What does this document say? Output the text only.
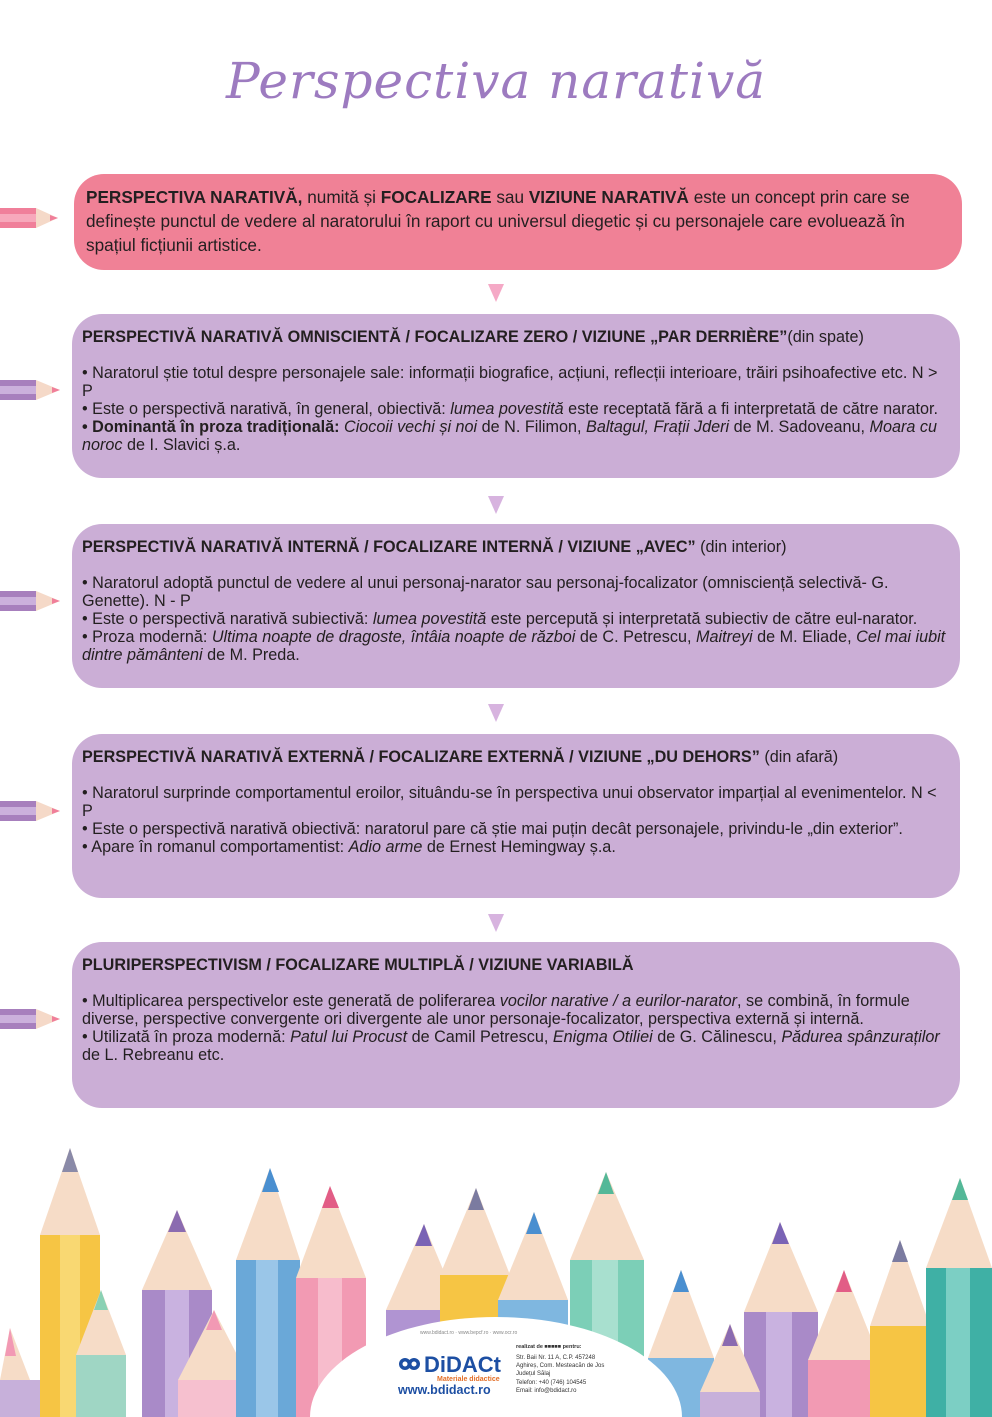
Perspectiva narativă

PERSPECTIVA NARATIVĂ, numită și FOCALIZARE sau VIZIUNE NARATIVĂ este un concept prin care se definește punctul de vedere al naratorului în raport cu universul diegetic și cu personajele care evoluează în spațiul ficțiunii artistice.

PERSPECTIVĂ NARATIVĂ OMNISCIENTĂ / FOCALIZARE ZERO / VIZIUNE „PAR DERRIÈRE”(din spate)

• Naratorul știe totul despre personajele sale: informații biografice, acțiuni, reflecții interioare, trăiri psihoafective etc. N > P

• Este o perspectivă narativă, în general, obiectivă: lumea povestită este receptată fără a fi interpretată de către narator.

• Dominantă în proza tradițională: Ciocoii vechi și noi de N. Filimon, Baltagul, Frații Jderi de M. Sadoveanu, Moara cu noroc de I. Slavici ș.a.

PERSPECTIVĂ NARATIVĂ INTERNĂ / FOCALIZARE INTERNĂ / VIZIUNE „AVEC” (din interior)

• Naratorul adoptă punctul de vedere al unui personaj-narator sau personaj-focalizator (omnisciență selectivă- G. Genette). N - P

• Este o perspectivă narativă subiectivă: lumea povestită este percepută și interpretată subiectiv de către eul-narator.

• Proza modernă: Ultima noapte de dragoste, întâia noapte de război de C. Petrescu, Maitreyi de M. Eliade, Cel mai iubit dintre pământeni de M. Preda.

PERSPECTIVĂ NARATIVĂ EXTERNĂ / FOCALIZARE EXTERNĂ / VIZIUNE „DU DEHORS” (din afară)

• Naratorul surprinde comportamentul eroilor, situându-se în perspectiva unui observator imparțial al evenimentelor. N < P

• Este o perspectivă narativă obiectivă: naratorul pare că știe mai puțin decât personajele, privindu-le „din exterior”.

• Apare în romanul comportamentist: Adio arme de Ernest Hemingway ș.a.

PLURIPERSPECTIVISM / FOCALIZARE MULTIPLĂ / VIZIUNE VARIABILĂ

• Multiplicarea perspectivelor este generată de poliferarea vocilor narative / a eurilor-narator, se combină, în formule diverse, perspective convergente ori divergente ale unor personaje-focalizator, perspectiva externă și internă.

• Utilizată în proza modernă: Patul lui Procust de Camil Petrescu, Enigma Otiliei de G. Călinescu, Pădurea spânzuraților de L. Rebreanu etc.

www.bdidact.ro · www.bepcf.ro · www.ocr.ro
DiDACt
Materiale didactice
www.bdidact.ro
realizat de ■■■■■ pentru:
Str. Baii Nr. 11 A, C.P. 457248
Aghireș, Com. Mesteacăn de Jos
Județul Sălaj
Telefon: +40 (746) 104545
Email: info@bdidact.ro
